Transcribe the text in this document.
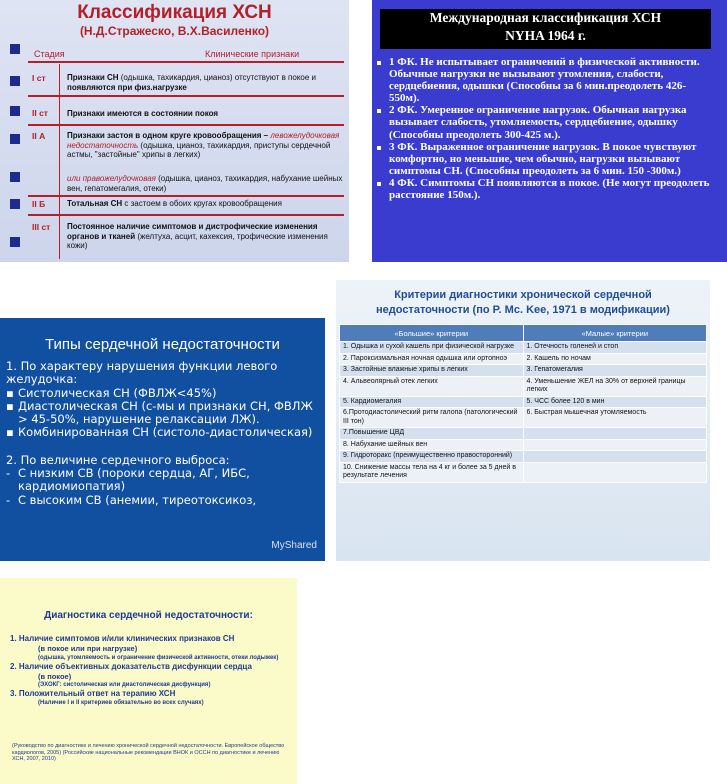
Классификация ХСН
(Н.Д.Стражеско, В.Х.Василенко)
Стадия	Клинические признаки
I ст	Признаки СН (одышка, тахикардия, цианоз) отсутствуют в покое и появляются при физ.нагрузке
II ст Признаки имеются в состоянии покоя
II А	Признаки застоя в одном круге кровообращения – левожелудочковая недостаточность (одышка, цианоз, тахикардия, приступы сердечной астмы, "застойные" хрипы в легких)
или правожелудочковая (одышка, цианоз, тахикардия, набухание шейных вен, гепатомегалия, отеки)
II Б	Тотальная СН с застоем в обоих кругах кровообращения
III ст Постоянное наличие симптомов и дистрофические изменения органов и тканей (желтуха, асцит, кахексия, трофические изменения кожи)
Международная классификация ХСН
NYHA 1964 г.
1 ФК. Не испытывает ограничений в физической активности. Обычные нагрузки не вызывают утомления, слабости, сердцебиения, одышки (Способны за 6 мин.преодолеть 426-550м).
2 ФК. Умеренное ограничение нагрузок. Обычная нагрузка вызывает слабость, утомляемость, сердцебиение, одышку (Способны преодолеть 300-425 м.).
3 ФК. Выраженное ограничение нагрузок. В покое чувствуют комфортно, но меньшие, чем обычно, нагрузки вызывают симптомы СН. (Способны преодолеть за 6 мин. 150 -300м.)
4 ФК. Симптомы СН появляются в покое. (Не могут преодолеть расстояние 150м.).
Типы сердечной недостаточности
1. По характеру нарушения функции левого желудочка:
▪ Систолическая СН (ФВЛЖ<45%)
▪ Диастолическая СН (с-мы и признаки СН, ФВЛЖ > 45-50%, нарушение релаксации ЛЖ).
▪ Комбинированная СН (систоло-диастолическая)
2. По величине сердечного выброса:
- С низким СВ (пороки сердца, АГ, ИБС, кардиомиопатия)
- С высоким СВ (анемии, тиреотоксикоз,
MyShared
Критерии диагностики хронической сердечной
недостаточности (по P. Mc. Kee, 1971 в модификации)
«Большие» критерии	«Малые» критерии
1. Одышка и сухой кашель при физической нагрузке	1. Отечность голеней и стоп
2. Пароксизмальная ночная одышка или ортопноэ	2. Кашель по ночам
3. Застойные влажные хрипы в легких	3. Гепатомегалия
4. Альвеолярный отек легких	4. Уменьшение ЖЕЛ на 30% от верхней границы легких
5. Кардиомегалия	5. ЧСС более 120 в мин
6.Протодиастолический ритм галопа (патологический III тон)	6. Быстрая мышечная утомляемость
7.Повышение ЦВД	
8. Набухание шейных вен	
9. Гидроторакс (преимущественно правосторонний)	
10. Снижение массы тела на 4 кг и более за 5 дней в результате лечения	
Диагностика сердечной недостаточности:
1. Наличие симптомов и/или клинических признаков СН
(в покое или при нагрузке)
(одышка, утомляемость и ограничение физической активности, отеки лодыжек)
2. Наличие объективных доказательств дисфункции сердца
(в покое)
(ЭХОКГ: систолическая или диастолическая дисфункция)
3. Положительный ответ на терапию ХСН
(Наличие I и II критериев обязательно во всех случаях)
(Руководство по диагностике и лечению хронической сердечной недостаточности. Европейское общество кардиологов, 2005) (Российские национальные рекомендации ВНОК и ОССН по диагностике и лечению ХСН, 2007, 2010)
